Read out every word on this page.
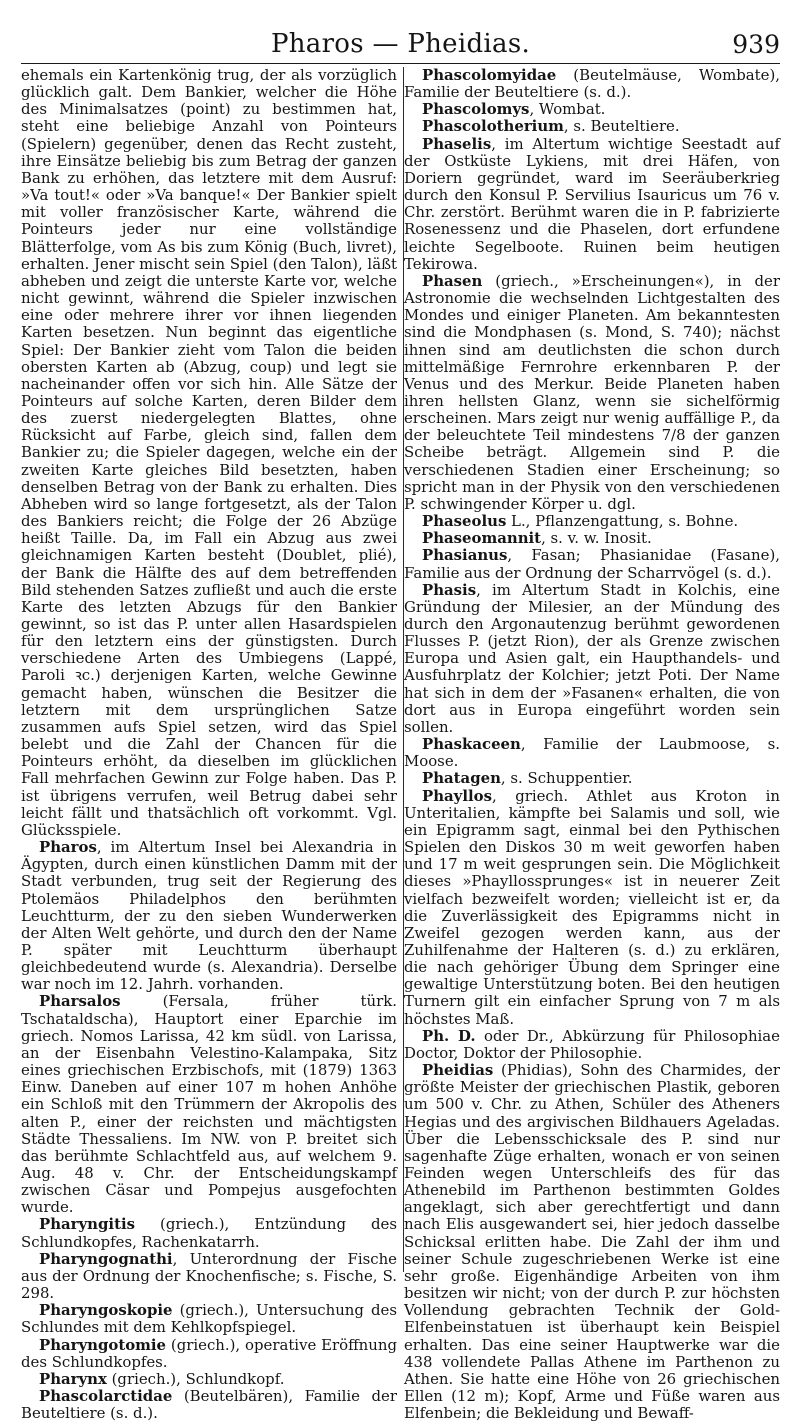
Pharos — Pheidias.	939

ehemals ein Kartenkönig trug, der als vorzüglich glücklich galt. Dem Bankier, welcher die Höhe des Minimalsatzes (point) zu bestimmen hat, steht eine beliebige Anzahl von Pointeurs (Spielern) gegenüber, denen das Recht zusteht, ihre Einsätze beliebig bis zum Betrag der ganzen Bank zu erhöhen, das letztere mit dem Ausruf: »Va tout!« oder »Va banque!« Der Bankier spielt mit voller französischer Karte, während die Pointeurs jeder nur eine vollständige Blätterfolge, vom As bis zum König (Buch, livret), erhalten. Jener mischt sein Spiel (den Talon), läßt abheben und zeigt die unterste Karte vor, welche nicht gewinnt, während die Spieler inzwischen eine oder mehrere ihrer vor ihnen liegenden Karten besetzen. Nun beginnt das eigentliche Spiel: Der Bankier zieht vom Talon die beiden obersten Karten ab (Abzug, coup) und legt sie nacheinander offen vor sich hin. Alle Sätze der Pointeurs auf solche Karten, deren Bilder dem des zuerst niedergelegten Blattes, ohne Rücksicht auf Farbe, gleich sind, fallen dem Bankier zu; die Spieler dagegen, welche ein der zweiten Karte gleiches Bild besetzten, haben denselben Betrag von der Bank zu erhalten. Dies Abheben wird so lange fortgesetzt, als der Talon des Bankiers reicht; die Folge der 26 Abzüge heißt Taille. Da, im Fall ein Abzug aus zwei gleichnamigen Karten besteht (Doublet, plié), der Bank die Hälfte des auf dem betreffenden Bild stehenden Satzes zufließt und auch die erste Karte des letzten Abzugs für den Bankier gewinnt, so ist das P. unter allen Hasardspielen für den letztern eins der günstigsten. Durch verschiedene Arten des Umbiegens (Lappé, Paroli ꝛc.) derjenigen Karten, welche Gewinne gemacht haben, wünschen die Besitzer die letztern mit dem ursprünglichen Satze zusammen aufs Spiel setzen, wird das Spiel belebt und die Zahl der Chancen für die Pointeurs erhöht, da dieselben im glücklichen Fall mehrfachen Gewinn zur Folge haben. Das P. ist übrigens verrufen, weil Betrug dabei sehr leicht fällt und thatsächlich oft vorkommt. Vgl. Glücksspiele.

Pharos, im Altertum Insel bei Alexandria in Ägypten, durch einen künstlichen Damm mit der Stadt verbunden, trug seit der Regierung des Ptolemäos Philadelphos den berühmten Leuchtturm, der zu den sieben Wunderwerken der Alten Welt gehörte, und durch den der Name P. später mit Leuchtturm überhaupt gleichbedeutend wurde (s. Alexandria). Derselbe war noch im 12. Jahrh. vorhanden.

Pharsalos (Fersala, früher türk. Tschataldscha), Hauptort einer Eparchie im griech. Nomos Larissa, 42 km südl. von Larissa, an der Eisenbahn Velestino-Kalampaka, Sitz eines griechischen Erzbischofs, mit (1879) 1363 Einw. Daneben auf einer 107 m hohen Anhöhe ein Schloß mit den Trümmern der Akropolis des alten P., einer der reichsten und mächtigsten Städte Thessaliens. Im NW. von P. breitet sich das berühmte Schlachtfeld aus, auf welchem 9. Aug. 48 v. Chr. der Entscheidungskampf zwischen Cäsar und Pompejus ausgefochten wurde.

Pharyngitis (griech.), Entzündung des Schlundkopfes, Rachenkatarrh.

Pharyngognathi, Unterordnung der Fische aus der Ordnung der Knochenfische; s. Fische, S. 298.

Pharyngoskopie (griech.), Untersuchung des Schlundes mit dem Kehlkopfspiegel.

Pharyngotomie (griech.), operative Eröffnung des Schlundkopfes.

Pharynx (griech.), Schlundkopf.

Phascolarctidae (Beutelbären), Familie der Beuteltiere (s. d.).

Phascolomyidae (Beutelmäuse, Wombate), Familie der Beuteltiere (s. d.).

Phascolomys, Wombat.

Phascolotherium, s. Beuteltiere.

Phaselis, im Altertum wichtige Seestadt auf der Ostküste Lykiens, mit drei Häfen, von Doriern gegründet, ward im Seeräuberkrieg durch den Konsul P. Servilius Isauricus um 76 v. Chr. zerstört. Berühmt waren die in P. fabrizierte Rosenessenz und die Phaselen, dort erfundene leichte Segelboote. Ruinen beim heutigen Tekirowa.

Phasen (griech., »Erscheinungen«), in der Astronomie die wechselnden Lichtgestalten des Mondes und einiger Planeten. Am bekanntesten sind die Mondphasen (s. Mond, S. 740); nächst ihnen sind am deutlichsten die schon durch mittelmäßige Fernrohre erkennbaren P. der Venus und des Merkur. Beide Planeten haben ihren hellsten Glanz, wenn sie sichelförmig erscheinen. Mars zeigt nur wenig auffällige P., da der beleuchtete Teil mindestens 7/8 der ganzen Scheibe beträgt. Allgemein sind P. die verschiedenen Stadien einer Erscheinung; so spricht man in der Physik von den verschiedenen P. schwingender Körper u. dgl.

Phaseolus L., Pflanzengattung, s. Bohne.

Phaseomannit, s. v. w. Inosit.

Phasianus, Fasan; Phasianidae (Fasane), Familie aus der Ordnung der Scharrvögel (s. d.).

Phasis, im Altertum Stadt in Kolchis, eine Gründung der Milesier, an der Mündung des durch den Argonautenzug berühmt gewordenen Flusses P. (jetzt Rion), der als Grenze zwischen Europa und Asien galt, ein Haupthandels- und Ausfuhrplatz der Kolchier; jetzt Poti. Der Name hat sich in dem der »Fasanen« erhalten, die von dort aus in Europa eingeführt worden sein sollen.

Phaskaceen, Familie der Laubmoose, s. Moose.

Phatagen, s. Schuppentier.

Phayllos, griech. Athlet aus Kroton in Unteritalien, kämpfte bei Salamis und soll, wie ein Epigramm sagt, einmal bei den Pythischen Spielen den Diskos 30 m weit geworfen haben und 17 m weit gesprungen sein. Die Möglichkeit dieses »Phayllossprunges« ist in neuerer Zeit vielfach bezweifelt worden; vielleicht ist er, da die Zuverlässigkeit des Epigramms nicht in Zweifel gezogen werden kann, aus der Zuhilfenahme der Halteren (s. d.) zu erklären, die nach gehöriger Übung dem Springer eine gewaltige Unterstützung boten. Bei den heutigen Turnern gilt ein einfacher Sprung von 7 m als höchstes Maß.

Ph. D. oder Dr., Abkürzung für Philosophiae Doctor, Doktor der Philosophie.

Pheidias (Phidias), Sohn des Charmides, der größte Meister der griechischen Plastik, geboren um 500 v. Chr. zu Athen, Schüler des Atheners Hegias und des argivischen Bildhauers Ageladas. Über die Lebensschicksale des P. sind nur sagenhafte Züge erhalten, wonach er von seinen Feinden wegen Unterschleifs des für das Athenebild im Parthenon bestimmten Goldes angeklagt, sich aber gerechtfertigt und dann nach Elis ausgewandert sei, hier jedoch dasselbe Schicksal erlitten habe. Die Zahl der ihm und seiner Schule zugeschriebenen Werke ist eine sehr große. Eigenhändige Arbeiten von ihm besitzen wir nicht; von der durch P. zur höchsten Vollendung gebrachten Technik der Gold-Elfenbeinstatuen ist überhaupt kein Beispiel erhalten. Das eine seiner Hauptwerke war die 438 vollendete Pallas Athene im Parthenon zu Athen. Sie hatte eine Höhe von 26 griechischen Ellen (12 m); Kopf, Arme und Füße waren aus Elfenbein; die Bekleidung und Bewaff-
